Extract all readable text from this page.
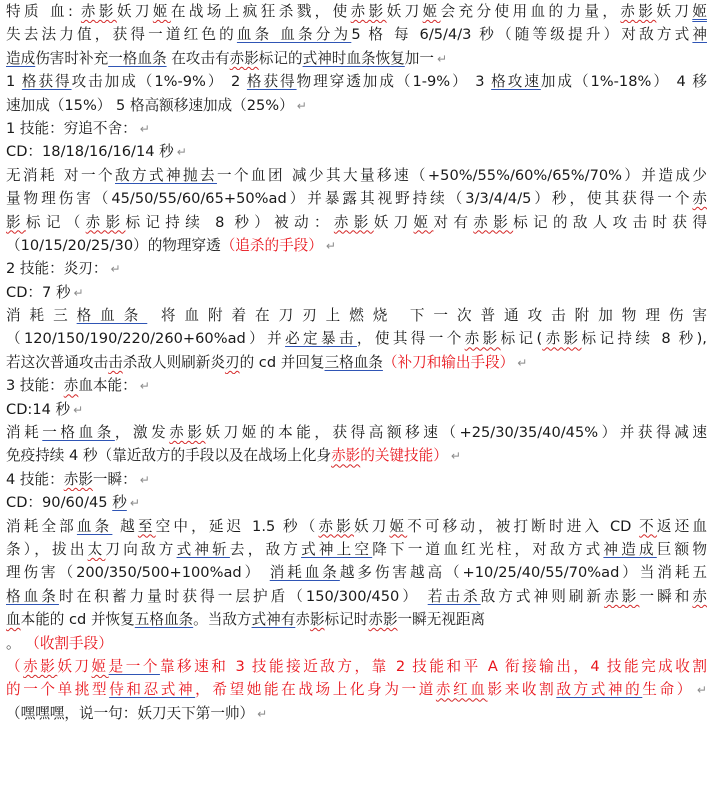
特质 血: 赤影妖刀姬在战场上疯狂杀戮，使赤影妖刀姬会充分使用血的力量，赤影妖刀姬
失去法力值，获得一道红色的血条 血条分为5 格 每 6/5/4/3 秒（随等级提升）对敌方式神
造成伤害时补充一格血条 在攻击有赤影标记的式神时血条恢复加一 ↵
1 格获得攻击加成（1%-9%） 2 格获得物理穿透加成（1-9%） 3 格攻速加成（1%-18%） 4 移
速加成（15%） 5 格高额移速加成（25%） ↵
1 技能：穷追不舍： ↵
CD：18/18/16/16/14 秒 ↵
无消耗 对一个敌方式神抛去一个血团 减少其大量移速（+50%/55%/60%/65%/70%）并造成少
量物理伤害（45/50/55/60/65+50%ad）并暴露其视野持续（3/3/4/4/5）秒，使其获得一个赤
影标记（赤影标记持续 8 秒）被动：赤影妖刀姬对有赤影标记的敌人攻击时获得
（10/15/20/25/30）的物理穿透（追杀的手段） ↵
2 技能：炎刃： ↵
CD：7 秒 ↵
消耗三格血条 将血附着在刀刃上燃烧 下一次普通攻击附加物理伤害
（120/150/190/220/260+60%ad）并必定暴击，使其得一个赤影标记(赤影标记持续 8 秒),
若这次普通攻击击杀敌人则刷新炎刃的 cd 并回复三格血条（补刀和输出手段） ↵
3 技能：赤血本能： ↵
CD:14 秒 ↵
消耗一格血条，激发赤影妖刀姬的本能，获得高额移速（+25/30/35/40/45%）并获得减速
免疫持续 4 秒（靠近敌方的手段以及在战场上化身赤影的关键技能） ↵
4 技能：赤影一瞬： ↵
CD：90/60/45 秒 ↵
消耗全部血条 越至空中，延迟 1.5 秒（赤影妖刀姬不可移动，被打断时进入 CD 不返还血
条），拔出太刀向敌方式神斩去，敌方式神上空降下一道血红光柱，对敌方式神造成巨额物
理伤害（200/350/500+100%ad） 消耗血条越多伤害越高（+10/25/40/55/70%ad）当消耗五
格血条时在积蓄力量时获得一层护盾（150/300/450） 若击杀敌方式神则刷新赤影一瞬和赤
血本能的 cd 并恢复五格血条。当敌方式神有赤影标记时赤影一瞬无视距离
。 （收割手段）
（赤影妖刀姬是一个靠移速和 3 技能接近敌方，靠 2 技能和平 A 衔接输出，4 技能完成收割
的一个单挑型侍和忍式神，希望她能在战场上化身为一道赤红血影来收割敌方式神的生命） ↵
（嘿嘿嘿，说一句：妖刀天下第一帅） ↵
